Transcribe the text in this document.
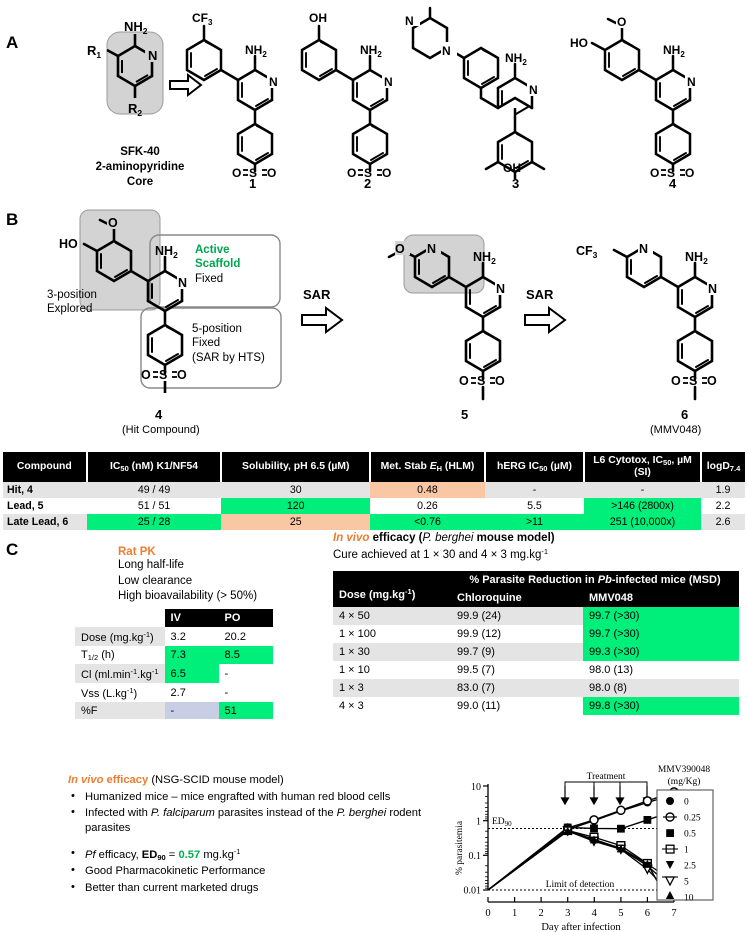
A
N
$NH_2$
$R_1$
$R_2$
SFK-40
2-aminopyridine
Core
$CF_3$
$NH_2$
N
O S O
1
OH
$NH_2$
N
O S O
2
N
N	$NH_2$
N
OH
3
O
HO	$NH_2$
N
O S O
4
B	O
HO	$NH_2$
N
O S O
3-position
Explored
Active
Scaffold
Fixed
5-position
Fixed
(SAR by HTS)
4
(Hit Compound)
SAR
N
O
$NH_2$
N
O S O
5
SAR
N
$CF_3$	$NH_2$
N
O S O
6
(MMV048)
Compound	$IC_{50}$ (nM) K1/NF54	Solubility, pH 6.5 (µM)	Met. Stab $E_H$ (HLM)	hERG $IC_{50}$ (µM)	L6 Cytotox, $IC_{50}$, µM (SI)	logD$_{7.4}$
Hit, 4	49 / 49	30	0.48	-	-	1.9
Lead, 5	51 / 51	120	0.26	5.5	>146 (2800x)	2.2
Late Lead, 6	25 / 28	25	<0.76	>11	251 (10,000x)	2.6
C	Rat PK
Long half-life
Low clearance
High bioavailability (> 50%)
	IV	PO
Dose $(mg.kg^{-1})$	3.2	20.2
$T_{1/2}$ (h)	7.3	8.5
Cl ($ml.\min^{-1}.kg^{-1}$	6.5	-
Vss $(L.kg^{-1})$	2.7	-
%F	-	51
In vivo efficacy (P. berghei mouse model)
Cure achieved at 1 × 30 and 4 × 3 $mg.kg^{-1}$
Dose $(mg.kg^{-1})$	% Parasite Reduction in Pb-infected mice (MSD)	
	Chloroquine	MMV048
4 × 50	99.9 (24)	99.7 (>30)
1 × 100	99.9 (12)	99.7 (>30)
1 × 30	99.7 (9)	99.3 (>30)
1 × 10	99.5 (7)	98.0 (13)
1 × 3	83.0 (7)	98.0 (8)
4 × 3	99.0 (11)	99.8 (>30)
In vivo efficacy (NSG-SCID mouse model)
• Humanized mice – mice engrafted with human red blood cells
• Infected with P. falciparum parasites instead of the P. berghei rodent parasites
• Pf efficacy, $ED_{90} = 0.57$ $mg.kg^{-1}$
• Good Pharmacokinetic Performance
• Better than current marketed drugs
MMV390048
(mg/Kg)
10
1
0.1
0.01
% parasitemia
0 1 2 3 4 5 6 7
Day after infection
$ED_{90}$
Limit of detection
Treatment
0
0.25
0.5
1
2.5
5
10
